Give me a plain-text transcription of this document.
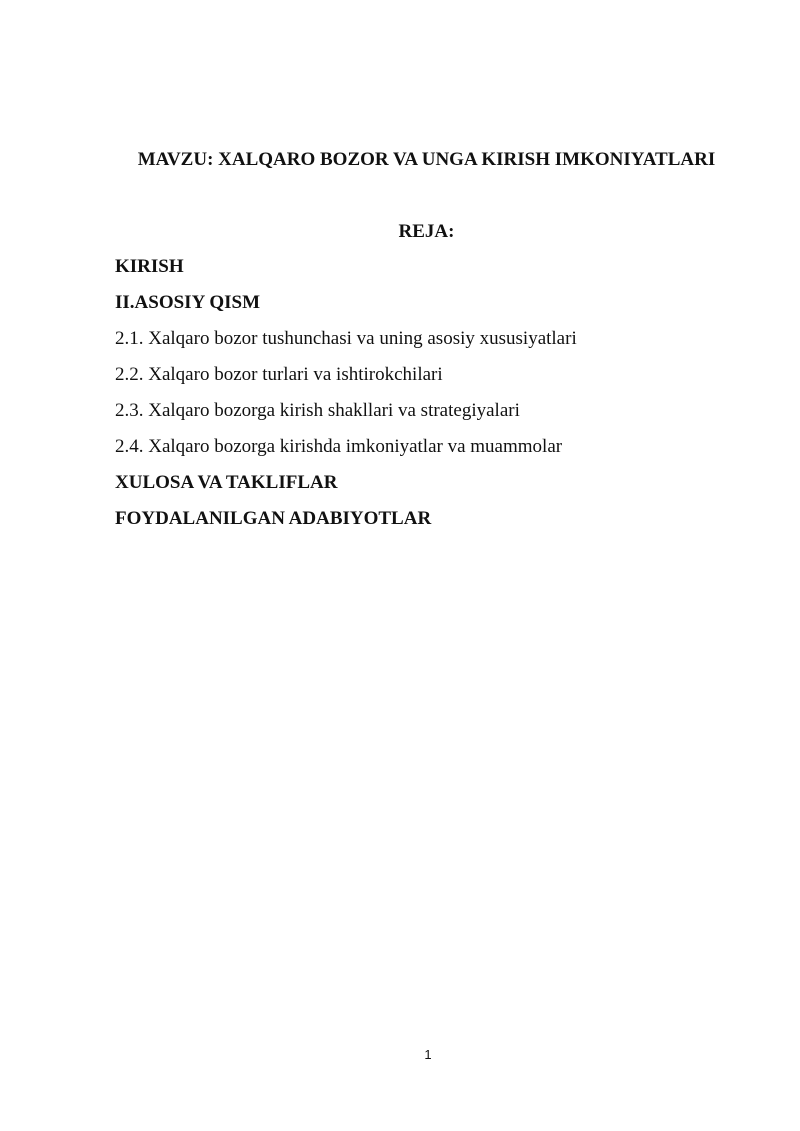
MAVZU: XALQARO BOZOR VA UNGA KIRISH IMKONIYATLARI
REJA:
KIRISH
II.ASOSIY QISM
2.1. Xalqaro bozor tushunchasi va uning asosiy xususiyatlari
2.2. Xalqaro bozor turlari va ishtirokchilari
2.3. Xalqaro bozorga kirish shakllari va strategiyalari
2.4. Xalqaro bozorga kirishda imkoniyatlar va muammolar
XULOSA VA TAKLIFLAR
FOYDALANILGAN ADABIYOTLAR
1
